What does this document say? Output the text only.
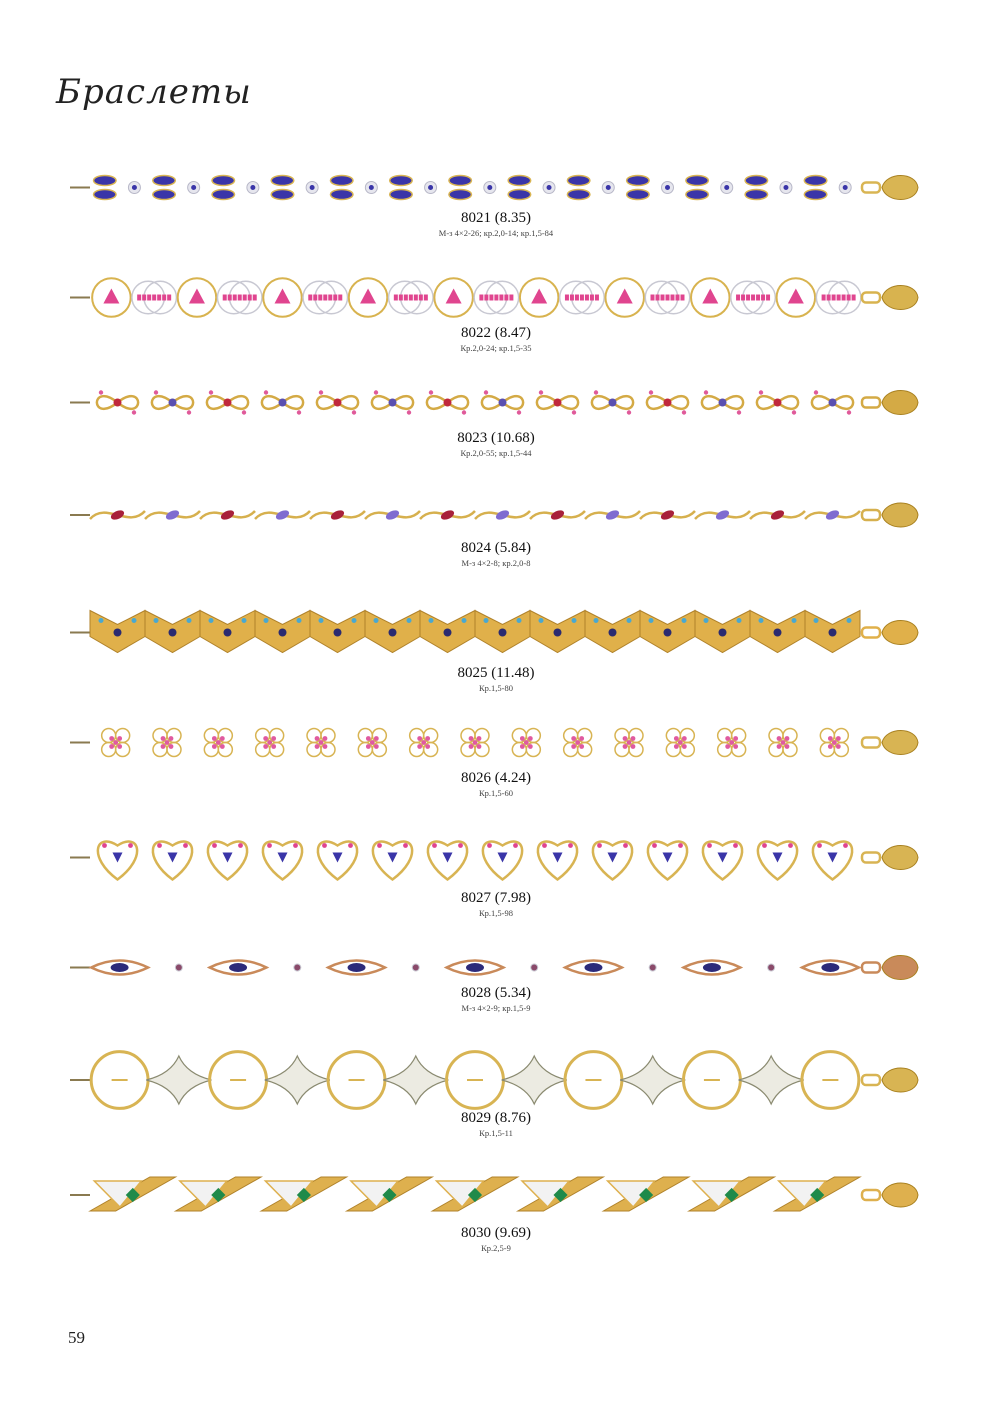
Браслеты
8021 (8.35)
М-з 4×2-26; кр.2,0-14; кр.1,5-84
8022 (8.47)
Кр.2,0-24; кр.1,5-35
8023 (10.68)
Кр.2,0-55; кр.1,5-44
8024 (5.84)
М-з 4×2-8; кр.2,0-8
8025 (11.48)
Кр.1,5-80
8026 (4.24)
Кр.1,5-60
8027 (7.98)
Кр.1,5-98
8028 (5.34)
М-з 4×2-9; кр.1,5-9
8029 (8.76)
Кр.1,5-11
8030 (9.69)
Кр.2,5-9
59
